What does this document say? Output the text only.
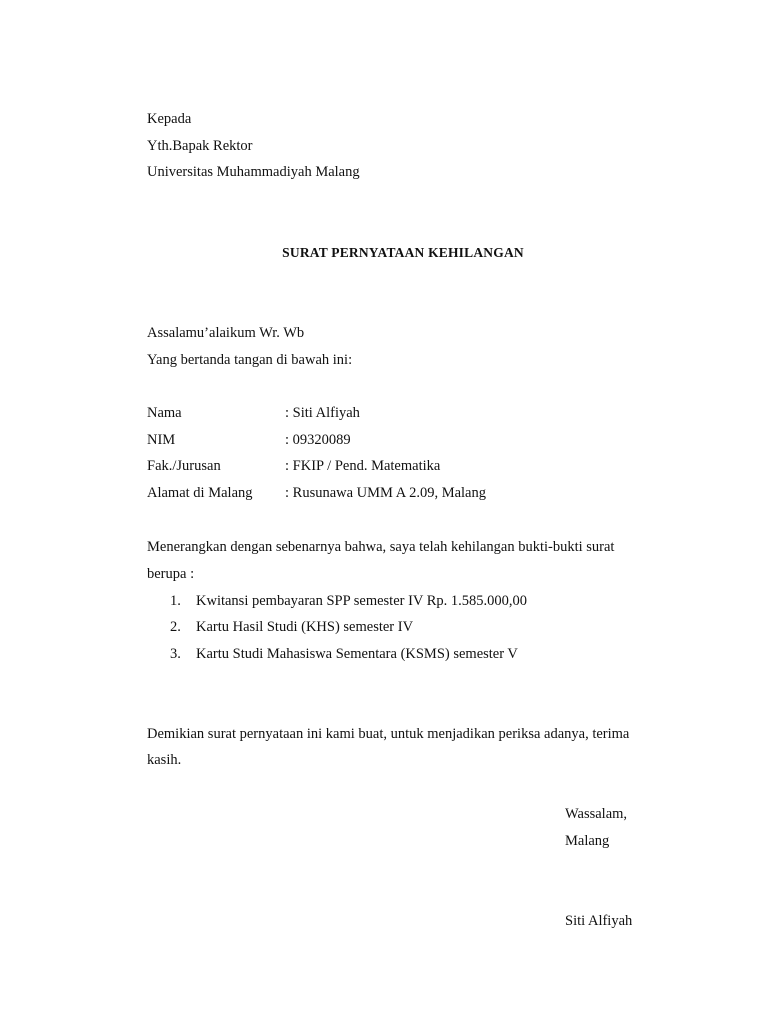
Kepada
Yth.Bapak Rektor
Universitas Muhammadiyah Malang
SURAT PERNYATAAN KEHILANGAN
Assalamu’alaikum Wr. Wb
Yang bertanda tangan di bawah ini:
Nama	: Siti Alfiyah
NIM	: 09320089
Fak./Jurusan	: FKIP / Pend. Matematika
Alamat di Malang : Rusunawa UMM A 2.09, Malang
Menerangkan dengan sebenarnya bahwa, saya telah kehilangan bukti-bukti surat
berupa :
1. Kwitansi pembayaran SPP semester IV Rp. 1.585.000,00
2. Kartu Hasil Studi (KHS) semester IV
3. Kartu Studi Mahasiswa Sementara (KSMS) semester V
Demikian surat pernyataan ini kami buat, untuk menjadikan periksa adanya, terima
kasih.
Wassalam,
Malang
Siti Alfiyah
